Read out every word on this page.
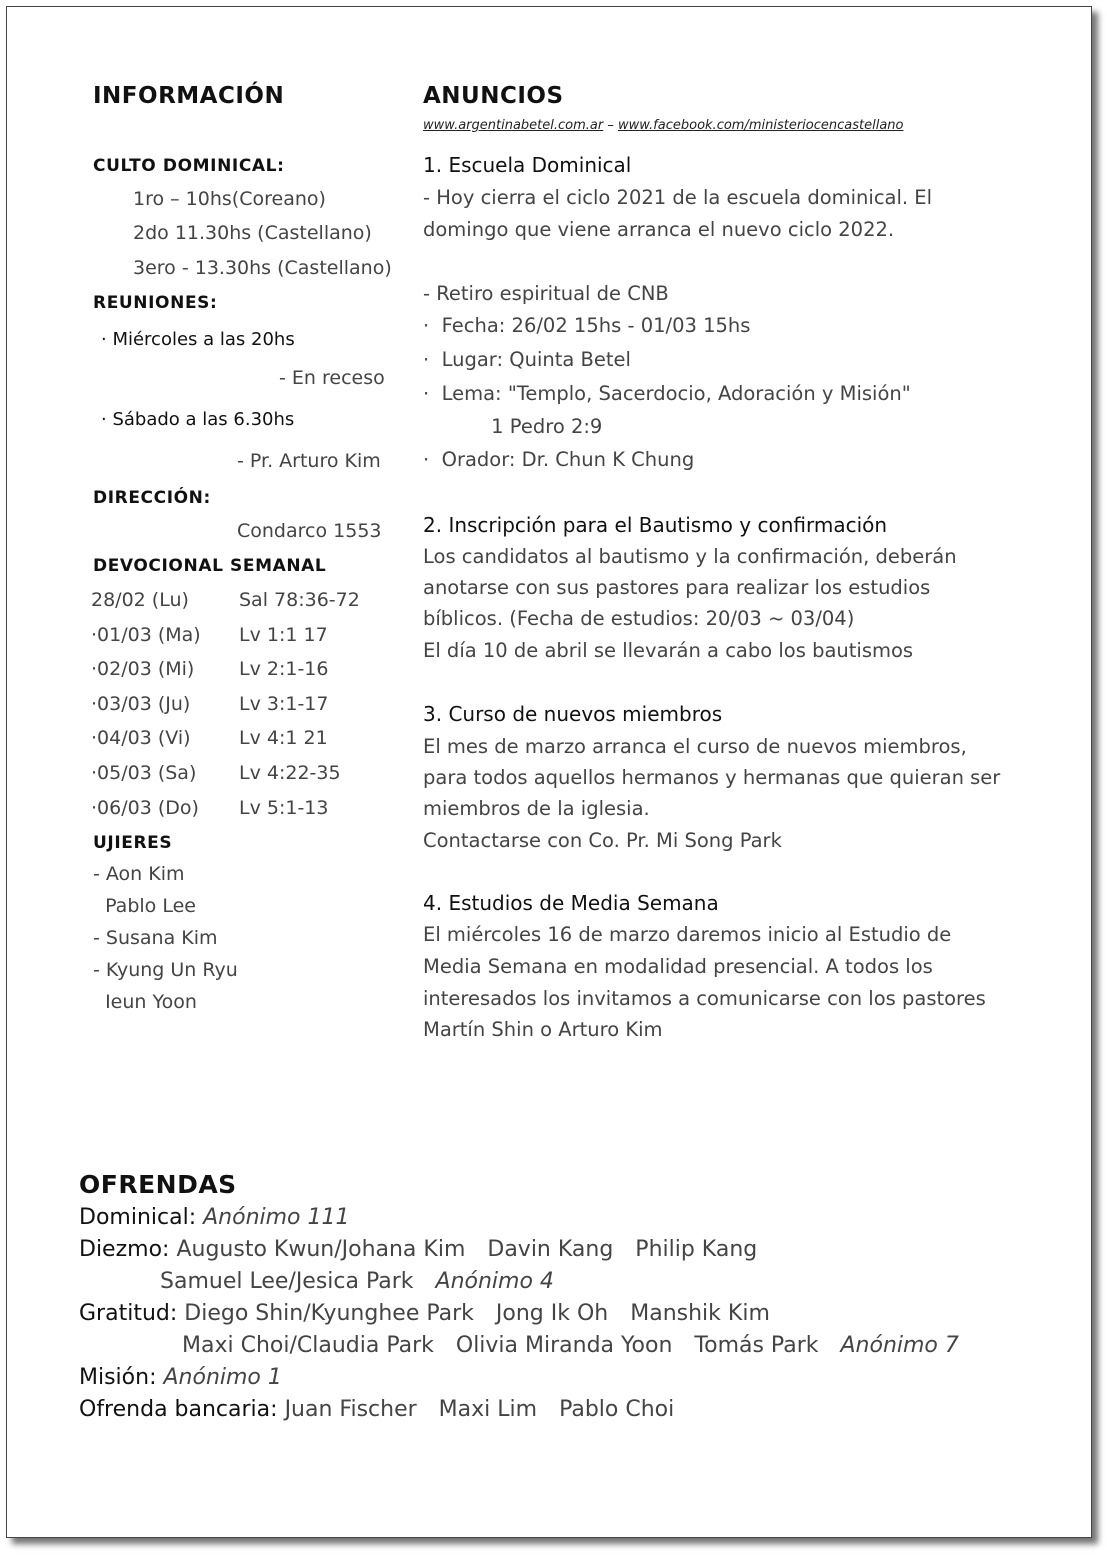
INFORMACIÓN
CULTO DOMINICAL:
1ro – 10hs(Coreano)
2do 11.30hs (Castellano)
3ero - 13.30hs (Castellano)
REUNIONES:
· Miércoles a las 20hs
- En receso
· Sábado a las 6.30hs
- Pr. Arturo Kim
DIRECCIÓN:
Condarco 1553
DEVOCIONAL SEMANAL
28/02 (Lu)	Sal 78:36-72
·01/03 (Ma) Lv 1:1 17
·02/03 (Mi) Lv 2:1-16
·03/03 (Ju)	Lv 3:1-17
·04/03 (Vi)	Lv 4:1 21
·05/03 (Sa) Lv 4:22-35
·06/03 (Do) Lv 5:1-13
UJIERES
- Aon Kim
Pablo Lee
- Susana Kim
- Kyung Un Ryu
Ieun Yoon
ANUNCIOS
www.argentinabetel.com.ar – www.facebook.com/ministeriocencastellano
1. Escuela Dominical
- Hoy cierra el ciclo 2021 de la escuela dominical. El
domingo que viene arranca el nuevo ciclo 2022.
- Retiro espiritual de CNB
·  Fecha: 26/02 15hs - 01/03 15hs
·  Lugar: Quinta Betel
·  Lema: "Templo, Sacerdocio, Adoración y Misión"
1 Pedro 2:9
·  Orador: Dr. Chun K Chung
2. Inscripción para el Bautismo y confirmación
Los candidatos al bautismo y la confirmación, deberán
anotarse con sus pastores para realizar los estudios
bíblicos. (Fecha de estudios: 20/03 ~ 03/04)
El día 10 de abril se llevarán a cabo los bautismos
3. Curso de nuevos miembros
El mes de marzo arranca el curso de nuevos miembros,
para todos aquellos hermanos y hermanas que quieran ser
miembros de la iglesia.
Contactarse con Co. Pr. Mi Song Park
4. Estudios de Media Semana
El miércoles 16 de marzo daremos inicio al Estudio de
Media Semana en modalidad presencial. A todos los
interesados los invitamos a comunicarse con los pastores
Martín Shin o Arturo Kim
OFRENDAS
Dominical: Anónimo 111
Diezmo: Augusto Kwun/Johana Kim Davin Kang Philip Kang
Samuel Lee/Jesica Park Anónimo 4
Gratitud: Diego Shin/Kyunghee Park Jong Ik Oh Manshik Kim
Maxi Choi/Claudia Park Olivia Miranda Yoon Tomás Park Anónimo 7
Misión: Anónimo 1
Ofrenda bancaria: Juan Fischer Maxi Lim Pablo Choi
